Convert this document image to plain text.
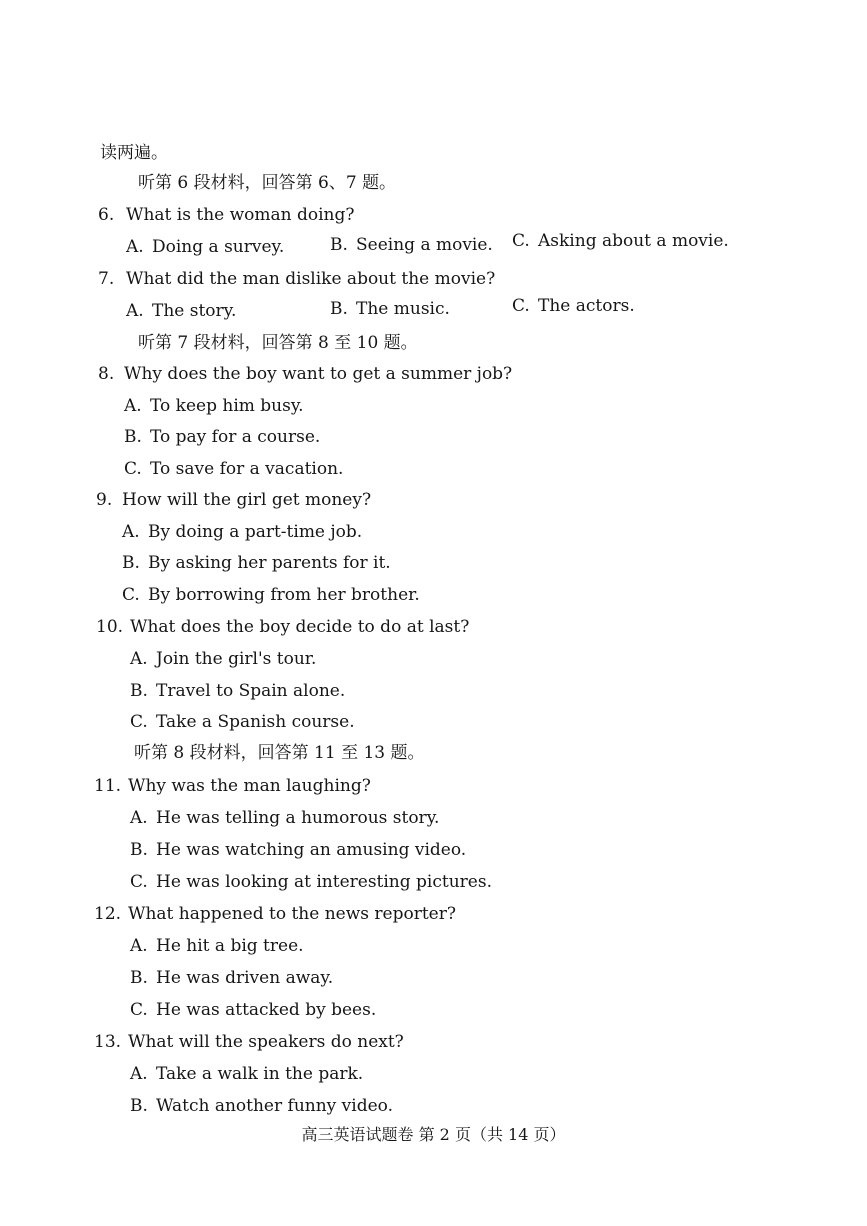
读两遍。
听第 6 段材料，回答第 6、7 题。
6. What is the woman doing?
A. Doing a survey.	B. Seeing a movie. C. Asking about a movie.
7. What did the man dislike about the movie?
A. The story.	B. The music.	C. The actors.
听第 7 段材料，回答第 8 至 10 题。
8. Why does the boy want to get a summer job?
A. To keep him busy.
B. To pay for a course.
C. To save for a vacation.
9. How will the girl get money?
A. By doing a part-time job.
B. By asking her parents for it.
C. By borrowing from her brother.
10. What does the boy decide to do at last?
A. Join the girl's tour.
B. Travel to Spain alone.
C. Take a Spanish course.
听第 8 段材料，回答第 11 至 13 题。
11. Why was the man laughing?
A. He was telling a humorous story.
B. He was watching an amusing video.
C. He was looking at interesting pictures.
12. What happened to the news reporter?
A. He hit a big tree.
B. He was driven away.
C. He was attacked by bees.
13. What will the speakers do next?
A. Take a walk in the park.
B. Watch another funny video.
高三英语试题卷 第 2 页（共 14 页）
